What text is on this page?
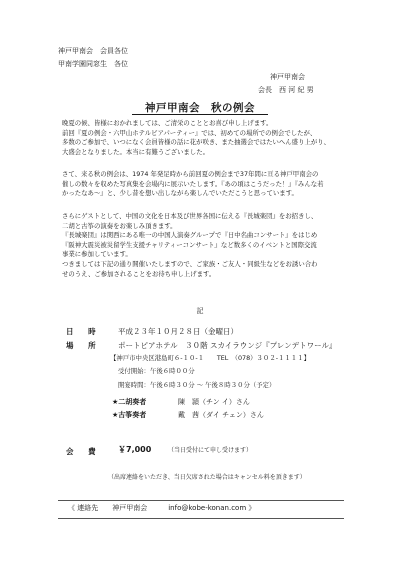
神戸甲南会　会員各位
甲南学園同窓生　各位
神戸甲南会
会長　西 河 紀 男
神戸甲南会　秋の例会
晩夏の候、皆様におかれましては、ご清栄のこととお喜び申し上げます。
前回『夏の例会・六甲山ホテルビアパーティー』では、初めての場所での例会でしたが、
多数のご参加で、いつになく会員皆様の話に花が咲き、また抽選会ではたいへん盛り上がり、
大盛会となりました。本当に有難うございました。
さて、来る秋の例会は、1974 年発足時から前回夏の例会まで37年間に亘る神戸甲南会の
催しの数々を収めた写真集を会場内に展示いたします。『あの頃はこうだった！』『みんな若
かったなあ～』と、少し昔を想い出しながら楽しんでいただこうと思っています。
さらにゲストとして、中国の文化を日本及び世界各国に伝える『長城楽団』をお招きし、
二胡と古筝の演奏をお楽しみ頂きます。
『長城楽団』は関西にある唯一の中国人演奏グループで『日中名曲コンサート』をはじめ
『阪神大震災被災留学生支援チャリティーコンサート』など数多くのイベントと国際交流
事業に参加しています。
つきましては下記の通り開催いたしますので、ご家族・ご友人・同級生などをお誘い合わ
せのうえ、ご参加されることをお待ち申し上げます。
記
日 時 平成２３年１０月２８日（金曜日）
場 所 ポートピアホテル　３０階 スカイラウンジ『プレンデトワール』
【神戸市中央区港島町６-１０-１　　TEL　（078）３０２-１１１１】
受付開始：午後６時００分
開宴時間：午後６時３０分 ～ 午後８時３０分（予定）
★二胡奏者	陳　頴（チン イ）さん
★古筝奏者	戴　茜（ダイ チェン）さん
会 費 ￥7,000	（当日受付にて申し受けます）
（出席連絡をいただき、当日欠席された場合はキャンセル料を頂きます）
《 連絡先　　神戸甲南会　　　info@kobe-konan.com 》
